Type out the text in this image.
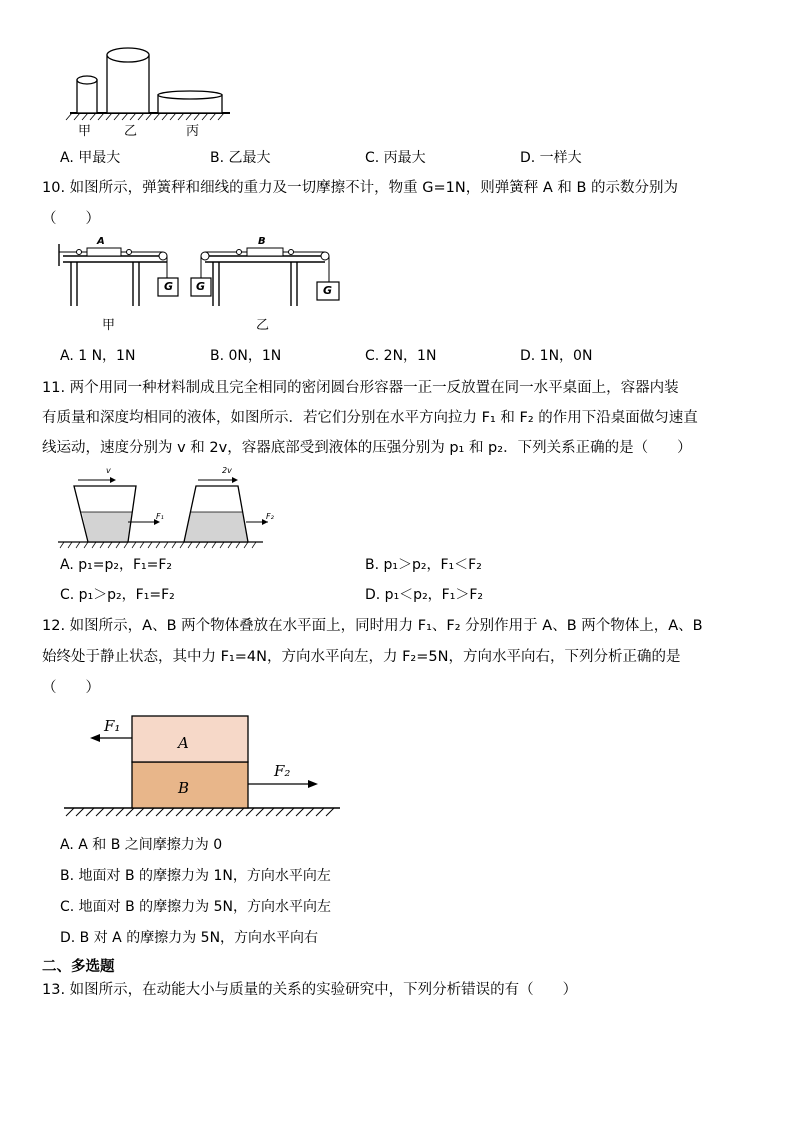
甲	乙	丙
A. 甲最大	B. 乙最大	C. 丙最大	D. 一样大
10. 如图所示，弹簧秤和细线的重力及一切摩擦不计，物重 G=1N，则弹簧秤 A 和 B 的示数分别为
（　　）
A	B
G G	G
甲	乙
A. 1 N，1N	B. 0N，1N	C. 2N，1N	D. 1N，0N
11. 两个用同一种材料制成且完全相同的密闭圆台形容器一正一反放置在同一水平桌面上，容器内装
有质量和深度均相同的液体，如图所示．若它们分别在水平方向拉力 F₁ 和 F₂ 的作用下沿桌面做匀速直
线运动，速度分别为 v 和 2v，容器底部受到液体的压强分别为 p₁ 和 p₂．下列关系正确的是（　　）
v	2v
F₁	F₂
A. p₁=p₂，F₁=F₂	B. p₁＞p₂，F₁＜F₂
C. p₁＞p₂，F₁=F₂	D. p₁＜p₂，F₁＞F₂
12. 如图所示，A、B 两个物体叠放在水平面上，同时用力 F₁、F₂ 分别作用于 A、B 两个物体上，A、B
始终处于静止状态，其中力 F₁=4N，方向水平向左，力 F₂=5N，方向水平向右，下列分析正确的是
（　　）
A
B
F₁
F₂
A. A 和 B 之间摩擦力为 0
B. 地面对 B 的摩擦力为 1N，方向水平向左
C. 地面对 B 的摩擦力为 5N，方向水平向左
D. B 对 A 的摩擦力为 5N，方向水平向右
二、多选题
13. 如图所示，在动能大小与质量的关系的实验研究中，下列分析错误的有（　　）
